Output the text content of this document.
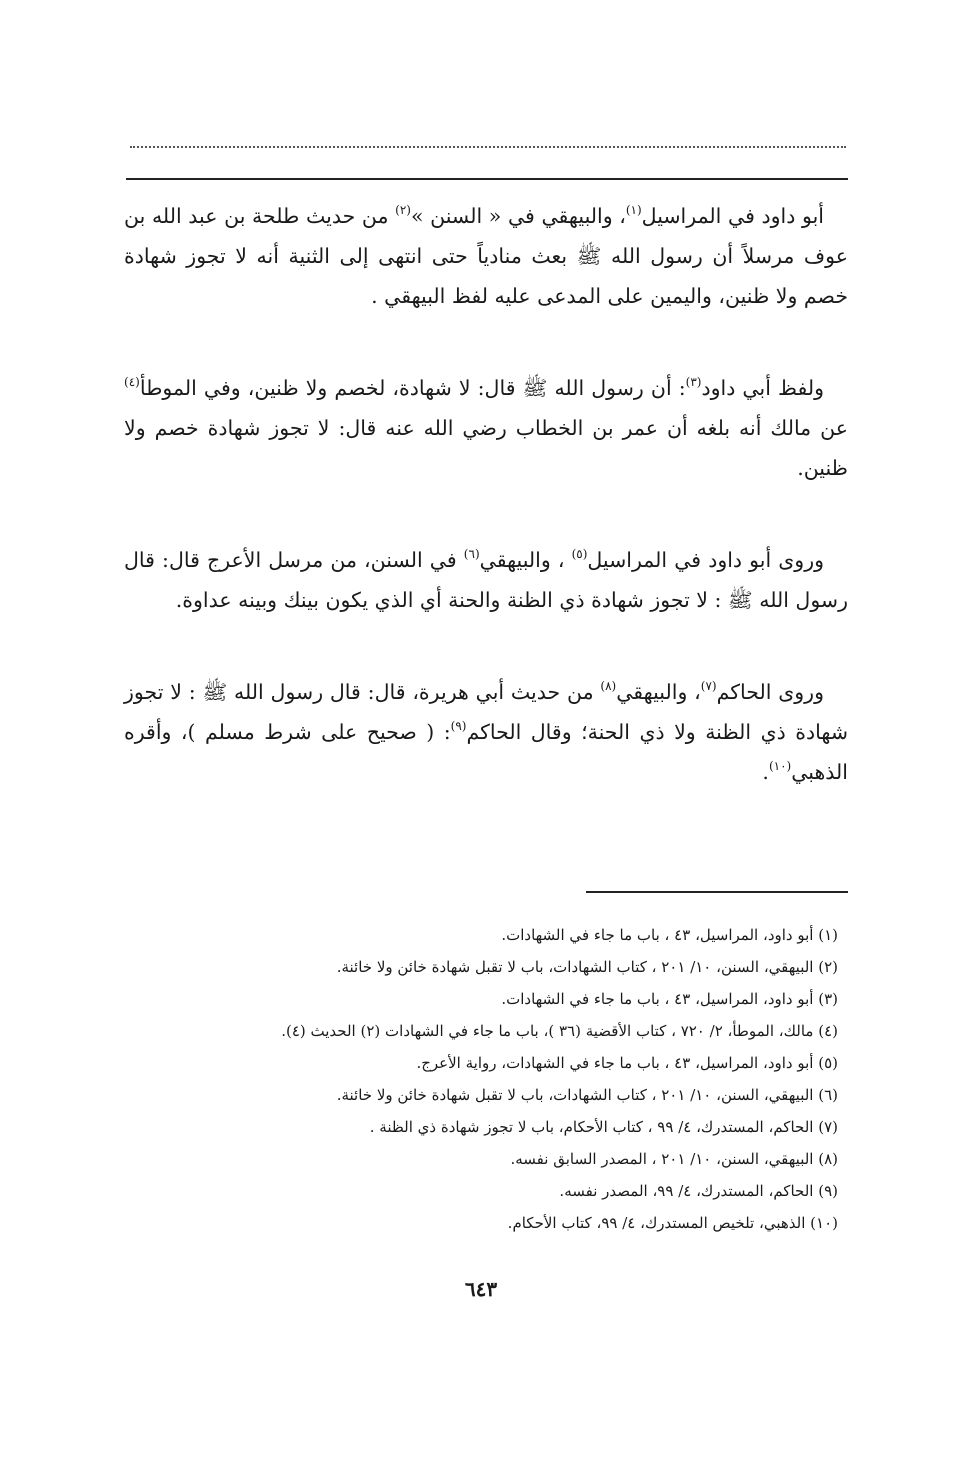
أبو داود في المراسيل$^{(١)}$، والبيهقي في « السنن »$^{(٢)}$ من حديث طلحة بن عبد الله بن عوف مرسلاً أن رسول الله ﷺ بعث منادياً حتى انتهى إلى الثنية أنه لا تجوز شهادة خصم ولا ظنين، واليمين على المدعى عليه لفظ البيهقي .

ولفظ أبي داود$^{(٣)}$: أن رسول الله ﷺ قال: لا شهادة، لخصم ولا ظنين، وفي الموطأ$^{(٤)}$ عن مالك أنه بلغه أن عمر بن الخطاب رضي الله عنه قال: لا تجوز شهادة خصم ولا ظنين.

وروى أبو داود في المراسيل$^{(٥)}$ ، والبيهقي$^{(٦)}$ في السنن، من مرسل الأعرج قال: قال رسول الله ﷺ : لا تجوز شهادة ذي الظنة والحنة أي الذي يكون بينك وبينه عداوة.

وروى الحاكم$^{(٧)}$، والبيهقي$^{(٨)}$ من حديث أبي هريرة، قال: قال رسول الله ﷺ : لا تجوز شهادة ذي الظنة ولا ذي الحنة؛ وقال الحاكم$^{(٩)}$: ( صحيح على شرط مسلم )، وأقره الذهبي$^{(١٠)}$.

(١) أبو داود، المراسيل، ٤٣ ، باب ما جاء في الشهادات.
(٢) البيهقي، السنن، ١٠/ ٢٠١ ، كتاب الشهادات، باب لا تقبل شهادة خائن ولا خائنة.
(٣) أبو داود، المراسيل، ٤٣ ، باب ما جاء في الشهادات.
(٤) مالك، الموطأ، ٢/ ٧٢٠ ، كتاب الأقضية (٣٦ )، باب ما جاء في الشهادات (٢) الحديث (٤).
(٥) أبو داود، المراسيل، ٤٣ ، باب ما جاء في الشهادات، رواية الأعرج.
(٦) البيهقي، السنن، ١٠/ ٢٠١ ، كتاب الشهادات، باب لا تقبل شهادة خائن ولا خائنة.
(٧) الحاكم، المستدرك، ٤/ ٩٩ ، كتاب الأحكام، باب لا تجوز شهادة ذي الظنة .
(٨) البيهقي، السنن، ١٠/ ٢٠١ ، المصدر السابق نفسه.
(٩) الحاكم، المستدرك، ٤/ ٩٩، المصدر نفسه.
(١٠) الذهبي، تلخيص المستدرك، ٤/ ٩٩، كتاب الأحكام.
٦٤٣
